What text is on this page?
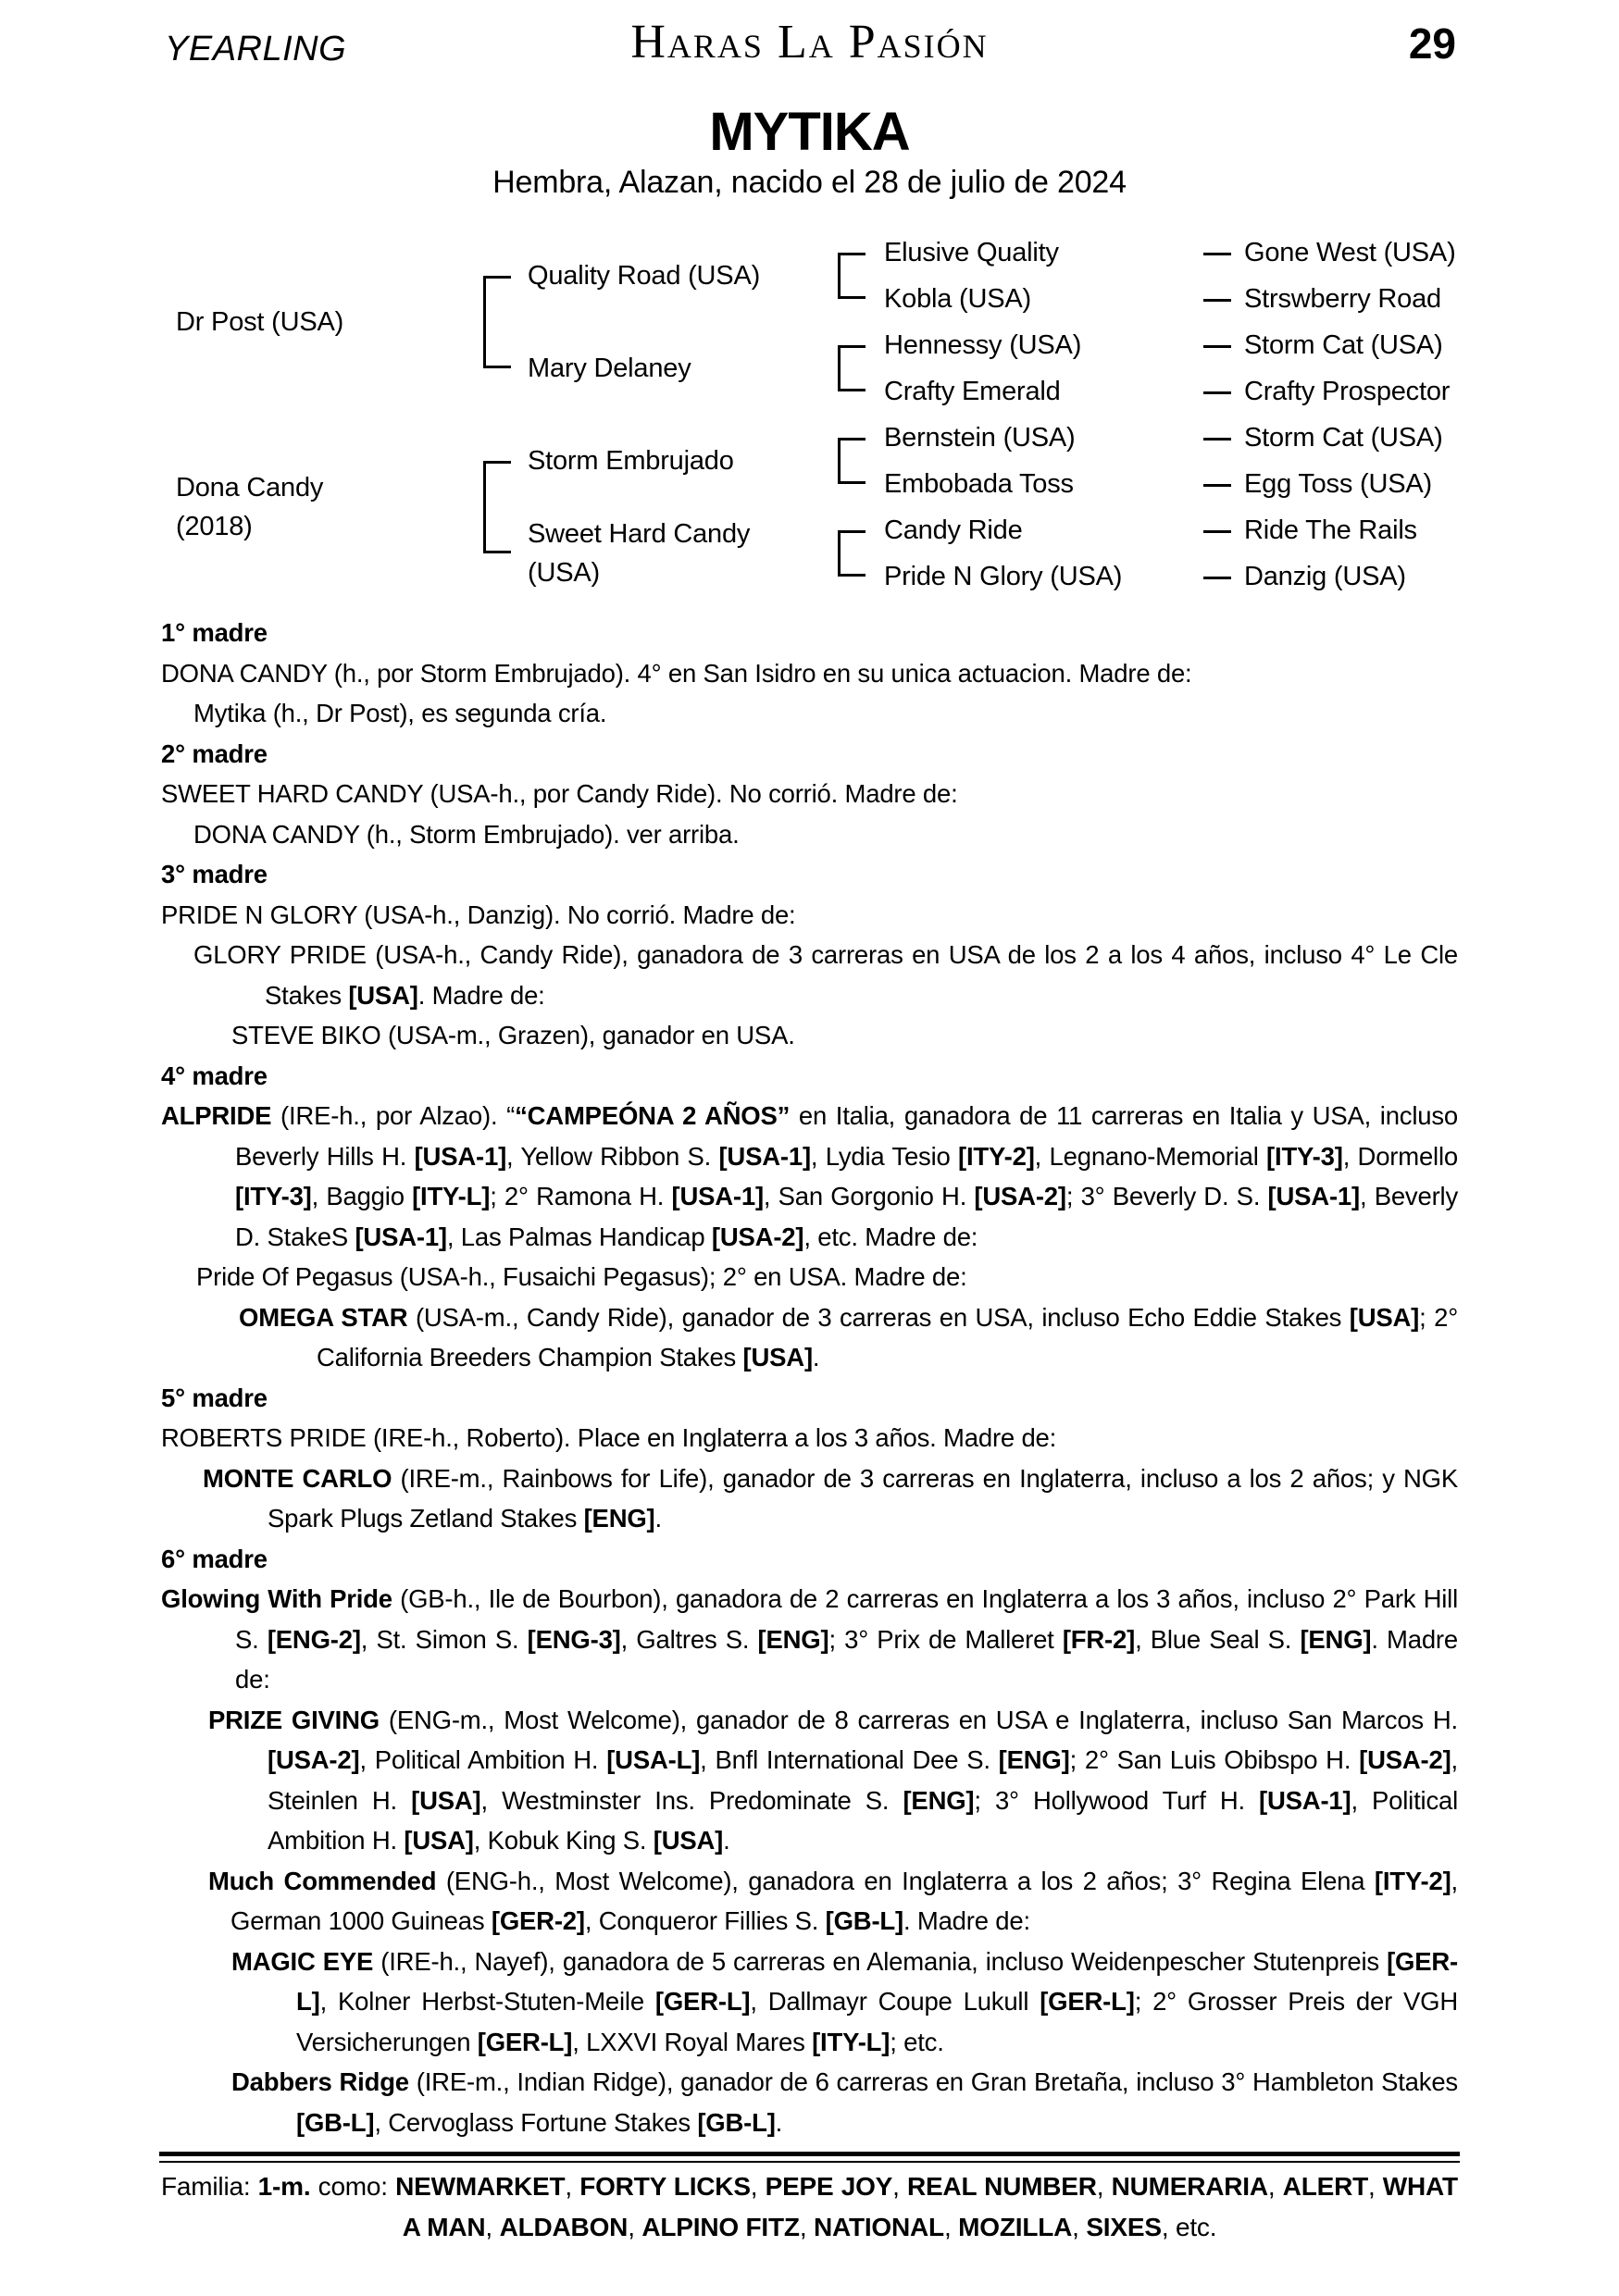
YEARLING	Haras La Pasión	29
MYTIKA
Hembra, Alazan, nacido el 28 de julio de 2024
Dr Post (USA)
Dona Candy
(2018)
Quality Road (USA)
Mary Delaney
Storm Embrujado
Sweet Hard Candy
(USA)
Elusive Quality
Kobla (USA)
Hennessy (USA)
Crafty Emerald
Bernstein (USA)
Embobada Toss
Candy Ride
Pride N Glory (USA)
Gone West (USA)
Strswberry Road
Storm Cat (USA)
Crafty Prospector
Storm Cat (USA)
Egg Toss (USA)
Ride The Rails
Danzig (USA)
1° madre

DONA CANDY (h., por Storm Embrujado). 4° en San Isidro en su unica actuacion. Madre de:

Mytika (h., Dr Post), es segunda cría.

2° madre

SWEET HARD CANDY (USA-h., por Candy Ride). No corrió. Madre de:

DONA CANDY (h., Storm Embrujado). ver arriba.

3° madre

PRIDE N GLORY (USA-h., Danzig). No corrió. Madre de:

GLORY PRIDE (USA-h., Candy Ride), ganadora de 3 carreras en USA de los 2 a los 4 años, incluso 4° Le Cle Stakes [USA]. Madre de:

STEVE BIKO (USA-m., Grazen), ganador en USA.

4° madre

ALPRIDE (IRE-h., por Alzao). ““CAMPEÓNA 2 AÑOS” en Italia, ganadora de 11 carreras en Italia y USA, incluso Beverly Hills H. [USA-1], Yellow Ribbon S. [USA-1], Lydia Tesio [ITY-2], Legnano-Memorial [ITY-3], Dormello [ITY-3], Baggio [ITY-L]; 2° Ramona H. [USA-1], San Gorgonio H. [USA-2]; 3° Beverly D. S. [USA-1], Beverly D. StakeS [USA-1], Las Palmas Handicap [USA-2], etc. Madre de:

Pride Of Pegasus (USA-h., Fusaichi Pegasus); 2° en USA. Madre de:

OMEGA STAR (USA-m., Candy Ride), ganador de 3 carreras en USA, incluso Echo Eddie Stakes [USA]; 2° California Breeders Champion Stakes [USA].

5° madre

ROBERTS PRIDE (IRE-h., Roberto). Place en Inglaterra a los 3 años. Madre de:

MONTE CARLO (IRE-m., Rainbows for Life), ganador de 3 carreras en Inglaterra, incluso a los 2 años; y NGK Spark Plugs Zetland Stakes [ENG].

6° madre

Glowing With Pride (GB-h., Ile de Bourbon), ganadora de 2 carreras en Inglaterra a los 3 años, incluso 2° Park Hill S. [ENG-2], St. Simon S. [ENG-3], Galtres S. [ENG]; 3° Prix de Malleret [FR-2], Blue Seal S. [ENG]. Madre de:

PRIZE GIVING (ENG-m., Most Welcome), ganador de 8 carreras en USA e Inglaterra, incluso San Marcos H. [USA-2], Political Ambition H. [USA-L], Bnfl International Dee S. [ENG]; 2° San Luis Obibspo H. [USA-2], Steinlen H. [USA], Westminster Ins. Predominate S. [ENG]; 3° Hollywood Turf H. [USA-1], Political Ambition H. [USA], Kobuk King S. [USA].

Much Commended (ENG-h., Most Welcome), ganadora en Inglaterra a los 2 años; 3° Regina Elena [ITY-2], German 1000 Guineas [GER-2], Conqueror Fillies S. [GB-L]. Madre de:

MAGIC EYE (IRE-h., Nayef), ganadora de 5 carreras en Alemania, incluso Weidenpescher Stutenpreis [GER-L], Kolner Herbst-Stuten-Meile [GER-L], Dallmayr Coupe Lukull [GER-L]; 2° Grosser Preis der VGH Versicherungen [GER-L], LXXVI Royal Mares [ITY-L]; etc.

Dabbers Ridge (IRE-m., Indian Ridge), ganador de 6 carreras en Gran Bretaña, incluso 3° Hambleton Stakes [GB-L], Cervoglass Fortune Stakes [GB-L].

Familia: 1-m. como: NEWMARKET, FORTY LICKS, PEPE JOY, REAL NUMBER, NUMERARIA, ALERT, WHAT A MAN, ALDABON, ALPINO FITZ, NATIONAL, MOZILLA, SIXES, etc.
